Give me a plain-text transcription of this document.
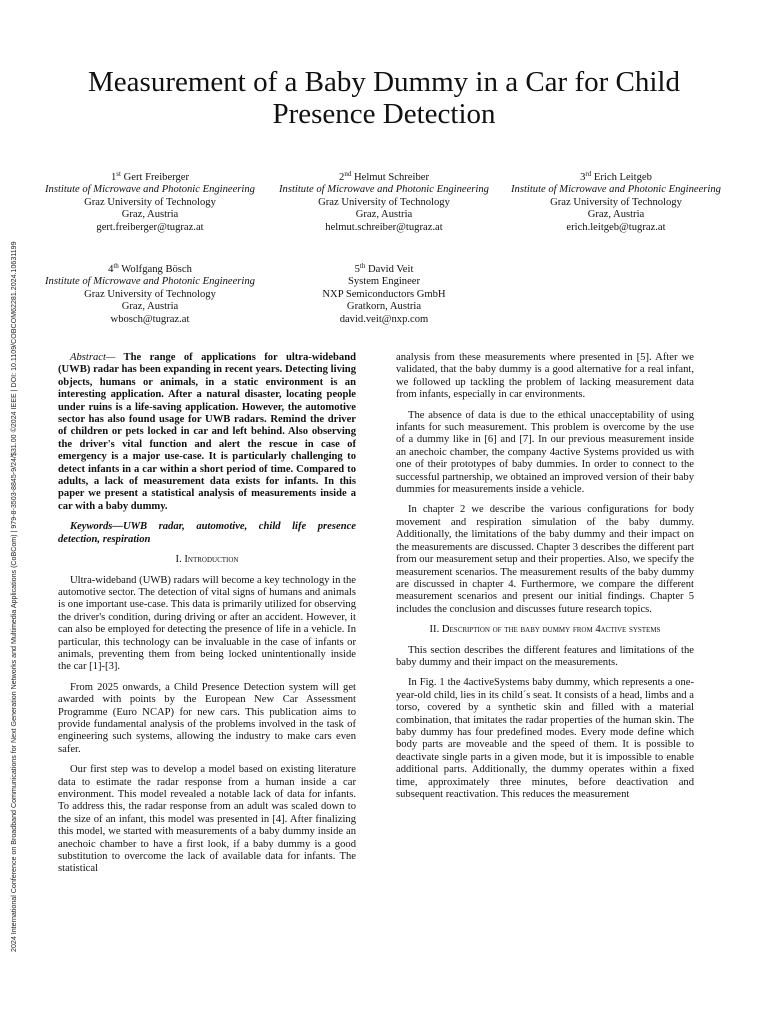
2024 International Conference on Broadband Communications for Next Generation Networks and Multimedia Applications (CoBCom) | 979-8-3503-8845-9/24/$31.00 ©2024 IEEE | DOI: 10.1109/COBCOM62281.2024.10631199
Measurement of a Baby Dummy in a Car for Child Presence Detection
1st Gert Freiberger
Institute of Microwave and Photonic Engineering
Graz University of Technology
Graz, Austria
gert.freiberger@tugraz.at
2nd Helmut Schreiber
Institute of Microwave and Photonic Engineering
Graz University of Technology
Graz, Austria
helmut.schreiber@tugraz.at
3rd Erich Leitgeb
Institute of Microwave and Photonic Engineering
Graz University of Technology
Graz, Austria
erich.leitgeb@tugraz.at
4th Wolfgang Bösch
Institute of Microwave and Photonic Engineering
Graz University of Technology
Graz, Austria
wbosch@tugraz.at
5th David Veit
System Engineer
NXP Semiconductors GmbH
Gratkorn, Austria
david.veit@nxp.com

Abstract— The range of applications for ultra-wideband (UWB) radar has been expanding in recent years. Detecting living objects, humans or animals, in a static environment is an interesting application. After a natural disaster, locating people under ruins is a life-saving application. However, the automotive sector has also found usage for UWB radars. Remind the driver of children or pets locked in car and left behind. Also observing the driver's vital function and alert the rescue in case of emergency is a major use-case. It is particularly challenging to detect infants in a car within a short period of time. Compared to adults, a lack of measurement data exists for infants. In this paper we present a statistical analysis of measurements inside a car with a baby dummy.

Keywords—UWB radar, automotive, child life presence detection, respiration

I. Introduction

Ultra-wideband (UWB) radars will become a key technology in the automotive sector. The detection of vital signs of humans and animals is one important use-case. This data is primarily utilized for observing the driver's condition, during driving or after an accident. However, it can also be employed for detecting the presence of life in a vehicle. In particular, this technology can be invaluable in the case of infants or animals, preventing them from being locked unintentionally inside the car [1]-[3].

From 2025 onwards, a Child Presence Detection system will get awarded with points by the European New Car Assessment Programme (Euro NCAP) for new cars. This publication aims to provide fundamental analysis of the problems involved in the task of engineering such systems, allowing the industry to make cars even safer.

Our first step was to develop a model based on existing literature data to estimate the radar response from a human inside a car environment. This model revealed a notable lack of data for infants. To address this, the radar response from an adult was scaled down to the size of an infant, this model was presented in [4]. After finalizing this model, we started with measurements of a baby dummy inside an anechoic chamber to have a first look, if a baby dummy is a good substitution to overcome the lack of available data for infants. The statistical

analysis from these measurements where presented in [5]. After we validated, that the baby dummy is a good alternative for a real infant, we followed up tackling the problem of lacking measurement data from infants, especially in car environments.

The absence of data is due to the ethical unacceptability of using infants for such measurement. This problem is overcome by the use of a dummy like in [6] and [7]. In our previous measurement inside an anechoic chamber, the company 4active Systems provided us with one of their prototypes of baby dummies. In order to connect to the successful partnership, we obtained an improved version of their baby dummies for measurements inside a vehicle.

In chapter 2 we describe the various configurations for body movement and respiration simulation of the baby dummy. Additionally, the limitations of the baby dummy and their impact on the measurements are discussed. Chapter 3 describes the different part from our measurement setup and their properties. Also, we specify the measurement scenarios. The measurement results of the baby dummy are discussed in chapter 4. Furthermore, we compare the different measurement scenarios and present our initial findings. Chapter 5 includes the conclusion and discusses future research topics.

II. Description of the baby dummy from 4active systems

This section describes the different features and limitations of the baby dummy and their impact on the measurements.

In Fig. 1 the 4activeSystems baby dummy, which represents a one-year-old child, lies in its child´s seat. It consists of a head, limbs and a torso, covered by a synthetic skin and filled with a material combination, that imitates the radar properties of the human skin. The baby dummy has four predefined modes. Every mode define which body parts are moveable and the speed of them. It is possible to deactivate single parts in a given mode, but it is impossible to enable additional parts. Additionally, the dummy operates within a fixed time, approximately three minutes, before deactivation and subsequent reactivation. This reduces the measurement
